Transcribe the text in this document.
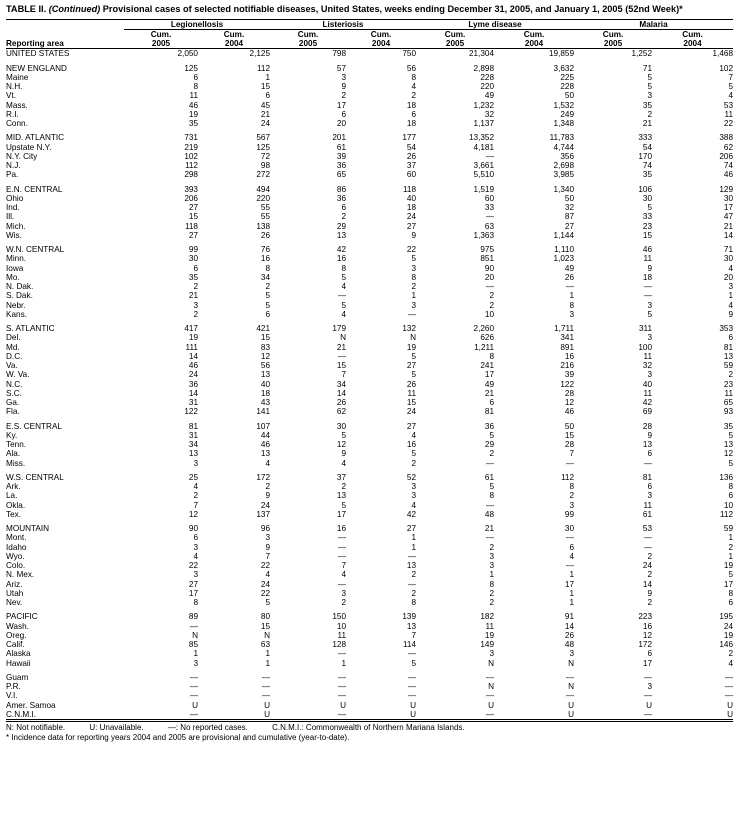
TABLE II. (Continued) Provisional cases of selected notifiable diseases, United States, weeks ending December 31, 2005, and January 1, 2005 (52nd Week)*
	Legionellosis		Listeriosis		Lyme disease		Malaria	
	Cum.	Cum.	Cum.	Cum.	Cum.	Cum.	Cum.	Cum.
Reporting area	2005	2004	2005	2004	2005	2004	2005	2004
UNITED STATES	2,050	2,125	798	750	21,304	19,859	1,252	1,468

NEW ENGLAND	125	112	57	56	2,898	3,632	71	102
Maine	6	1	3	8	228	225	5	7
N.H.	8	15	9	4	220	228	5	5
Vt.	11	6	2	2	49	50	3	4
Mass.	46	45	17	18	1,232	1,532	35	53
R.I.	19	21	6	6	32	249	2	11
Conn.	35	24	20	18	1,137	1,348	21	22

MID. ATLANTIC	731	567	201	177	13,352	11,783	333	388
Upstate N.Y.	219	125	61	54	4,181	4,744	54	62
N.Y. City	102	72	39	26	—	356	170	206
N.J.	112	98	36	37	3,661	2,698	74	74
Pa.	298	272	65	60	5,510	3,985	35	46

E.N. CENTRAL	393	494	86	118	1,519	1,340	106	129
Ohio	206	220	36	40	60	50	30	30
Ind.	27	55	6	18	33	32	5	17
Ill.	15	55	2	24	—	87	33	47
Mich.	118	138	29	27	63	27	23	21
Wis.	27	26	13	9	1,363	1,144	15	14

W.N. CENTRAL	99	76	42	22	975	1,110	46	71
Minn.	30	16	16	5	851	1,023	11	30
Iowa	6	8	8	3	90	49	9	4
Mo.	35	34	5	8	20	26	18	20
N. Dak.	2	2	4	2	—	—	—	3
S. Dak.	21	5	—	1	2	1	—	1
Nebr.	3	5	5	3	2	8	3	4
Kans.	2	6	4	—	10	3	5	9

S. ATLANTIC	417	421	179	132	2,260	1,711	311	353
Del.	19	15	N	N	626	341	3	6
Md.	111	83	21	19	1,211	891	100	81
D.C.	14	12	—	5	8	16	11	13
Va.	46	56	15	27	241	216	32	59
W. Va.	24	13	7	5	17	39	3	2
N.C.	36	40	34	26	49	122	40	23
S.C.	14	18	14	11	21	28	11	11
Ga.	31	43	26	15	6	12	42	65
Fla.	122	141	62	24	81	46	69	93

E.S. CENTRAL	81	107	30	27	36	50	28	35
Ky.	31	44	5	4	5	15	9	5
Tenn.	34	46	12	16	29	28	13	13
Ala.	13	13	9	5	2	7	6	12
Miss.	3	4	4	2	—	—	—	5

W.S. CENTRAL	25	172	37	52	61	112	81	136
Ark.	4	2	2	3	5	8	6	8
La.	2	9	13	3	8	2	3	6
Okla.	7	24	5	4	—	3	11	10
Tex.	12	137	17	42	48	99	61	112

MOUNTAIN	90	96	16	27	21	30	53	59
Mont.	6	3	—	1	—	—	—	1
Idaho	3	9	—	1	2	6	—	2
Wyo.	4	7	—	—	3	4	2	1
Colo.	22	22	7	13	3	—	24	19
N. Mex.	3	4	4	2	1	1	2	5
Ariz.	27	24	—	—	8	17	14	17
Utah	17	22	3	2	2	1	9	8
Nev.	8	5	2	8	2	1	2	6

PACIFIC	89	80	150	139	182	91	223	195
Wash.	—	15	10	13	11	14	16	24
Oreg.	N	N	11	7	19	26	12	19
Calif.	85	63	128	114	149	48	172	146
Alaska	1	1	—	—	3	3	6	2
Hawaii	3	1	1	5	N	N	17	4

Guam	—	—	—	—	—	—	—	—
P.R.	—	—	—	—	N	N	3	—
V.I.	—	—	—	—	—	—	—	—
Amer. Samoa	U	U	U	U	U	U	U	U
C.N.M.I.	—	U	—	U	—	U	—	U
N: Not notifiable.	U: Unavailable.	—: No reported cases.	C.N.M.I.: Commonwealth of Northern Mariana Islands.
* Incidence data for reporting years 2004 and 2005 are provisional and cumulative (year-to-date).
